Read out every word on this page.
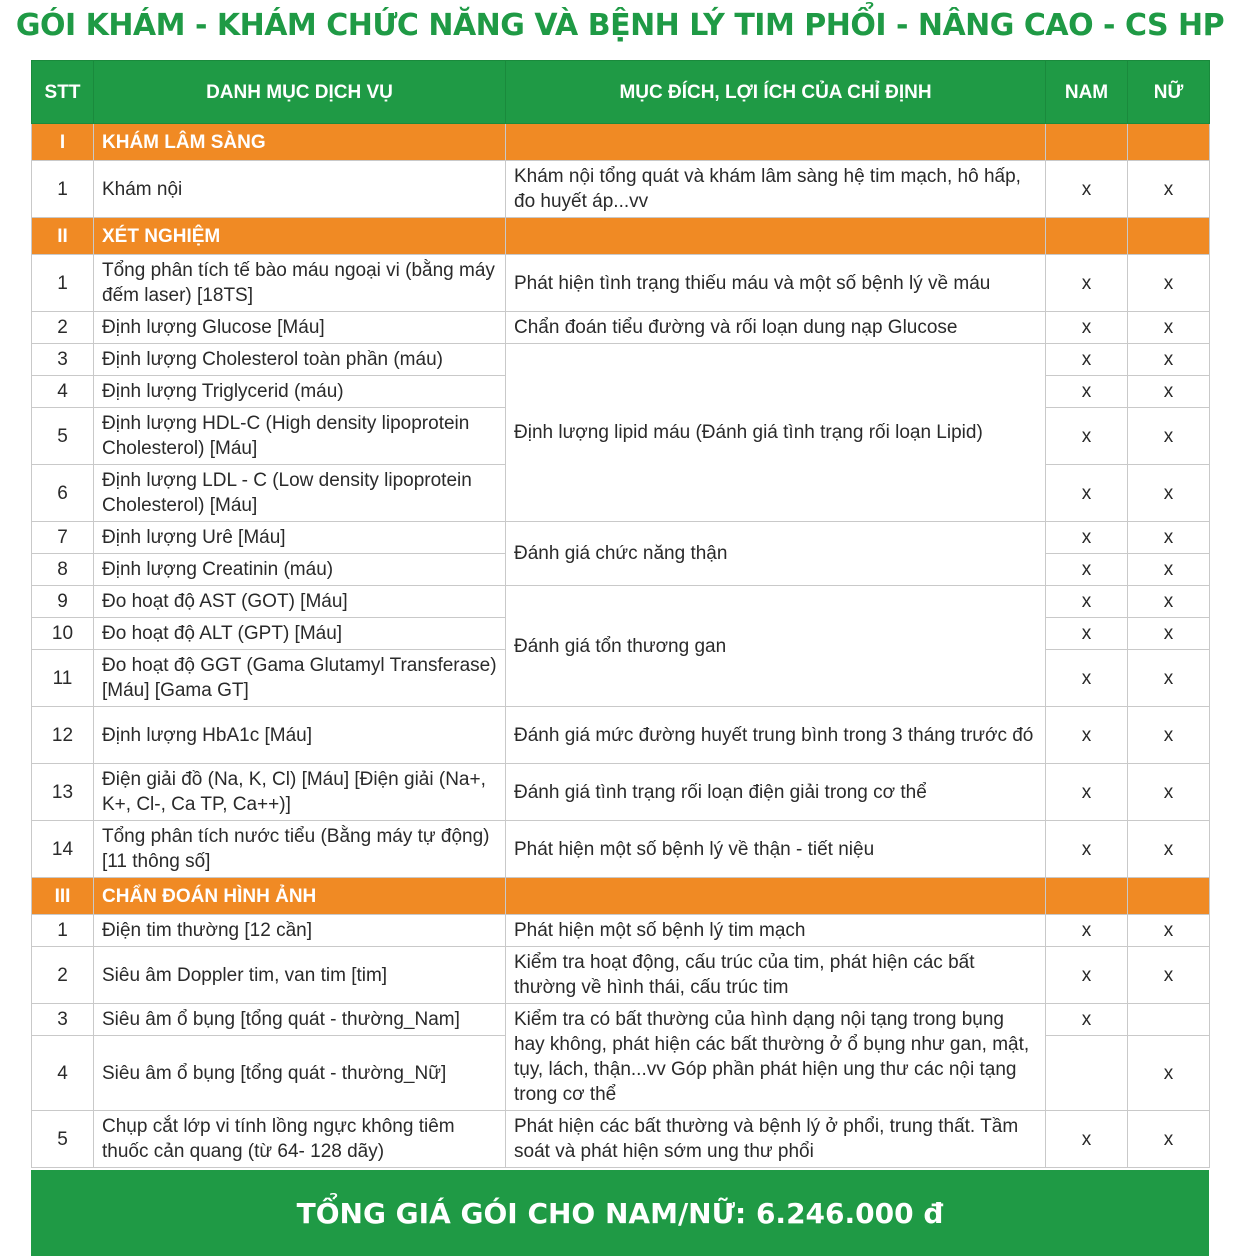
GÓI KHÁM - KHÁM CHỨC NĂNG VÀ BỆNH LÝ TIM PHỔI - NÂNG CAO - CS HP
STT	DANH MỤC DỊCH VỤ	MỤC ĐÍCH, LỢI ÍCH CỦA CHỈ ĐỊNH	NAM	NỮ
I	KHÁM LÂM SÀNG			
1	Khám nội	Khám nội tổng quát và khám lâm sàng hệ tim mạch, hô hấp, đo huyết áp...vv	x	x
II	XÉT NGHIỆM			
1	Tổng phân tích tế bào máu ngoại vi (bằng máy đếm laser) [18TS]	Phát hiện tình trạng thiếu máu và một số bệnh lý về máu	x	x
2	Định lượng Glucose [Máu]	Chẩn đoán tiểu đường và rối loạn dung nạp Glucose	x	x
3	Định lượng Cholesterol toàn phần (máu)	Định lượng lipid máu (Đánh giá tình trạng rối loạn Lipid)	x	x
4	Định lượng Triglycerid (máu)		x	x
5	Định lượng HDL-C (High density lipoprotein Cholesterol) [Máu]		x	x
6	Định lượng LDL - C (Low density lipoprotein Cholesterol) [Máu]		x	x
7	Định lượng Urê [Máu]	Đánh giá chức năng thận	x	x
8	Định lượng Creatinin (máu)		x	x
9	Đo hoạt độ AST (GOT) [Máu]	Đánh giá tổn thương gan	x	x
10	Đo hoạt độ ALT (GPT) [Máu]		x	x
11	Đo hoạt độ GGT (Gama Glutamyl Transferase) [Máu] [Gama GT]		x	x
12	Định lượng HbA1c [Máu]	Đánh giá mức đường huyết trung bình trong 3 tháng trước đó	x	x
13	Điện giải đồ (Na, K, Cl) [Máu] [Điện giải (Na+, K+, Cl-, Ca TP, Ca++)]	Đánh giá tình trạng rối loạn điện giải trong cơ thể	x	x
14	Tổng phân tích nước tiểu (Bằng máy tự động) [11 thông số]	Phát hiện một số bệnh lý về thận - tiết niệu	x	x
III	CHẨN ĐOÁN HÌNH ẢNH			
1	Điện tim thường [12 cần]	Phát hiện một số bệnh lý tim mạch	x	x
2	Siêu âm Doppler tim, van tim [tim]	Kiểm tra hoạt động, cấu trúc của tim, phát hiện các bất thường về hình thái, cấu trúc tim	x	x
3	Siêu âm ổ bụng [tổng quát - thường_Nam]	Kiểm tra có bất thường của hình dạng nội tạng trong bụng hay không, phát hiện các bất thường ở ổ bụng như gan, mật, tụy, lách, thận...vv Góp phần phát hiện ung thư các nội tạng trong cơ thể	x	
4	Siêu âm ổ bụng [tổng quát - thường_Nữ]			x
5	Chụp cắt lớp vi tính lồng ngực không tiêm thuốc cản quang (từ 64- 128 dãy)	Phát hiện các bất thường và bệnh lý ở phổi, trung thất. Tầm soát và phát hiện sớm ung thư phổi	x	x
TỔNG GIÁ GÓI CHO NAM/NỮ: 6.246.000 đ
